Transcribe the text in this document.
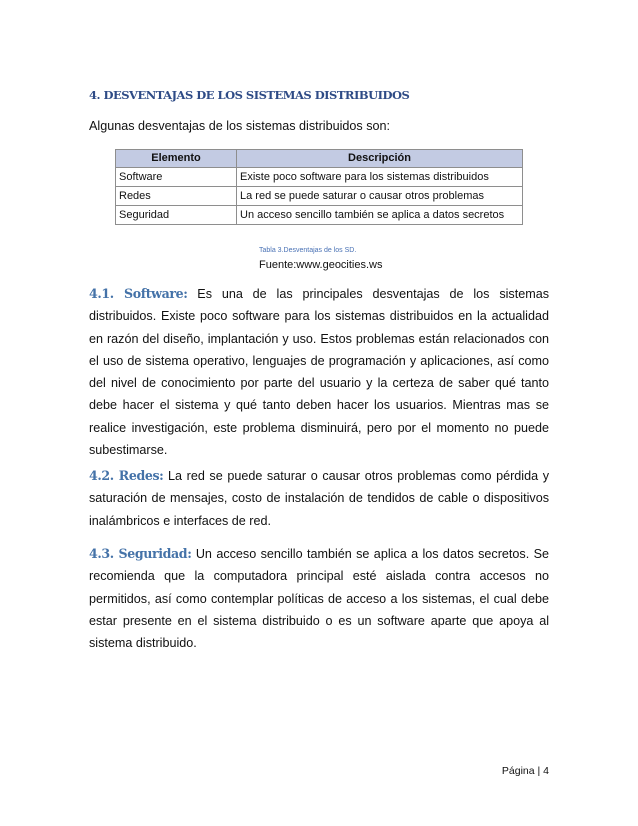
4. DESVENTAJAS DE LOS SISTEMAS DISTRIBUIDOS
Algunas desventajas de los sistemas distribuidos son:
Elemento	Descripción
Software	Existe poco software para los sistemas distribuidos
Redes	La red se puede saturar o causar otros problemas
Seguridad	Un acceso sencillo también se aplica a datos secretos
Tabla 3.Desventajas de los SD.
Fuente:www.geocities.ws
4.1. Software: Es una de las principales desventajas de los sistemas distribuidos. Existe poco software para los sistemas distribuidos en la actualidad en razón del diseño, implantación y uso. Estos problemas están relacionados con el uso de sistema operativo, lenguajes de programación y aplicaciones, así como del nivel de conocimiento por parte del usuario y la certeza de saber qué tanto debe hacer el sistema y qué tanto deben hacer los usuarios. Mientras mas se realice investigación, este problema disminuirá, pero por el momento no puede subestimarse.
4.2. Redes: La red se puede saturar o causar otros problemas como pérdida y saturación de mensajes, costo de instalación de tendidos de cable o dispositivos inalámbricos e interfaces de red.
4.3. Seguridad: Un acceso sencillo también se aplica a los datos secretos. Se recomienda que la computadora principal esté aislada contra accesos no permitidos, así como contemplar políticas de acceso a los sistemas, el cual debe estar presente en el sistema distribuido o es un software aparte que apoya al sistema distribuido.
Página | 4
